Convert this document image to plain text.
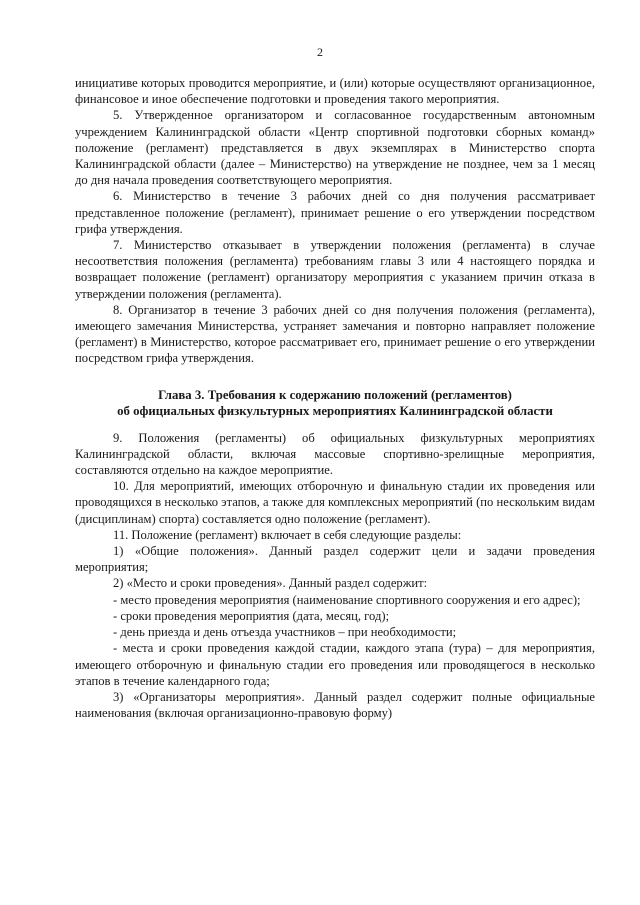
2

инициативе которых проводится мероприятие, и (или) которые осуществляют организационное, финансовое и иное обеспечение подготовки и проведения такого мероприятия.

5. Утвержденное организатором и согласованное государственным автономным учреждением Калининградской области «Центр спортивной подготовки сборных команд» положение (регламент) представляется в двух экземплярах в Министерство спорта Калининградской области (далее – Министерство) на утверждение не позднее, чем за 1 месяц до дня начала проведения соответствующего мероприятия.

6. Министерство в течение 3 рабочих дней со дня получения рассматривает представленное положение (регламент), принимает решение о его утверждении посредством грифа утверждения.

7. Министерство отказывает в утверждении положения (регламента) в случае несоответствия положения (регламента) требованиям главы 3 или 4 настоящего порядка и возвращает положение (регламент) организатору мероприятия с указанием причин отказа в утверждении положения (регламента).

8. Организатор в течение 3 рабочих дней со дня получения положения (регламента), имеющего замечания Министерства, устраняет замечания и повторно направляет положение (регламент) в Министерство, которое рассматривает его, принимает решение о его утверждении посредством грифа утверждения.

Глава 3. Требования к содержанию положений (регламентов)
об официальных физкультурных мероприятиях Калининградской области

9. Положения (регламенты) об официальных физкультурных мероприятиях Калининградской области, включая массовые спортивно-зрелищные мероприятия, составляются отдельно на каждое мероприятие.

10. Для мероприятий, имеющих отборочную и финальную стадии их проведения или проводящихся в несколько этапов, а также для комплексных мероприятий (по нескольким видам (дисциплинам) спорта) составляется одно положение (регламент).

11. Положение (регламент) включает в себя следующие разделы:

1) «Общие положения». Данный раздел содержит цели и задачи проведения мероприятия;

2) «Место и сроки проведения». Данный раздел содержит:

- место проведения мероприятия (наименование спортивного сооружения и его адрес);

- сроки проведения мероприятия (дата, месяц, год);

- день приезда и день отъезда участников – при необходимости;

- места и сроки проведения каждой стадии, каждого этапа (тура) – для мероприятия, имеющего отборочную и финальную стадии его проведения или проводящегося в несколько этапов в течение календарного года;

3) «Организаторы мероприятия». Данный раздел содержит полные официальные наименования (включая организационно-правовую форму)
